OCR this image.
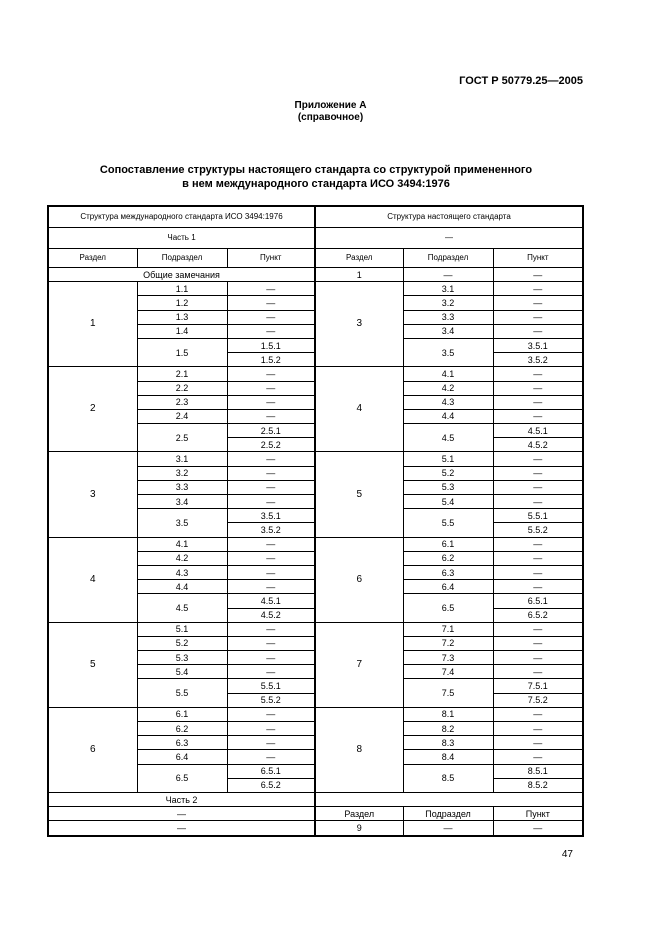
ГОСТ Р 50779.25—2005
Приложение А
(справочное)
Сопоставление структуры настоящего стандарта со структурой примененного
в нем международного стандарта ИСО 3494:1976
Структура международного стандарта ИСО 3494:1976			Структура настоящего стандарта		
Часть 1			—		
Раздел	Подраздел	Пункт	Раздел	Подраздел	Пункт
Общие замечания			1	—	—
1	1.1	—	3	3.1	—
	1.2	—		3.2	—
	1.3	—		3.3	—
	1.4	—		3.4	—
	1.5	1.5.1		3.5	3.5.1
		1.5.2			3.5.2
2	2.1	—	4	4.1	—
	2.2	—		4.2	—
	2.3	—		4.3	—
	2.4	—		4.4	—
	2.5	2.5.1		4.5	4.5.1
		2.5.2			4.5.2
3	3.1	—	5	5.1	—
	3.2	—		5.2	—
	3.3	—		5.3	—
	3.4	—		5.4	—
	3.5	3.5.1		5.5	5.5.1
		3.5.2			5.5.2
4	4.1	—	6	6.1	—
	4.2	—		6.2	—
	4.3	—		6.3	—
	4.4	—		6.4	—
	4.5	4.5.1		6.5	6.5.1
		4.5.2			6.5.2
5	5.1	—	7	7.1	—
	5.2	—		7.2	—
	5.3	—		7.3	—
	5.4	—		7.4	—
	5.5	5.5.1		7.5	7.5.1
		5.5.2			7.5.2
6	6.1	—	8	8.1	—
	6.2	—		8.2	—
	6.3	—		8.3	—
	6.4	—		8.4	—
	6.5	6.5.1		8.5	8.5.1
		6.5.2			8.5.2
Часть 2					
—			Раздел	Подраздел	Пункт
—			9	—	—
47
